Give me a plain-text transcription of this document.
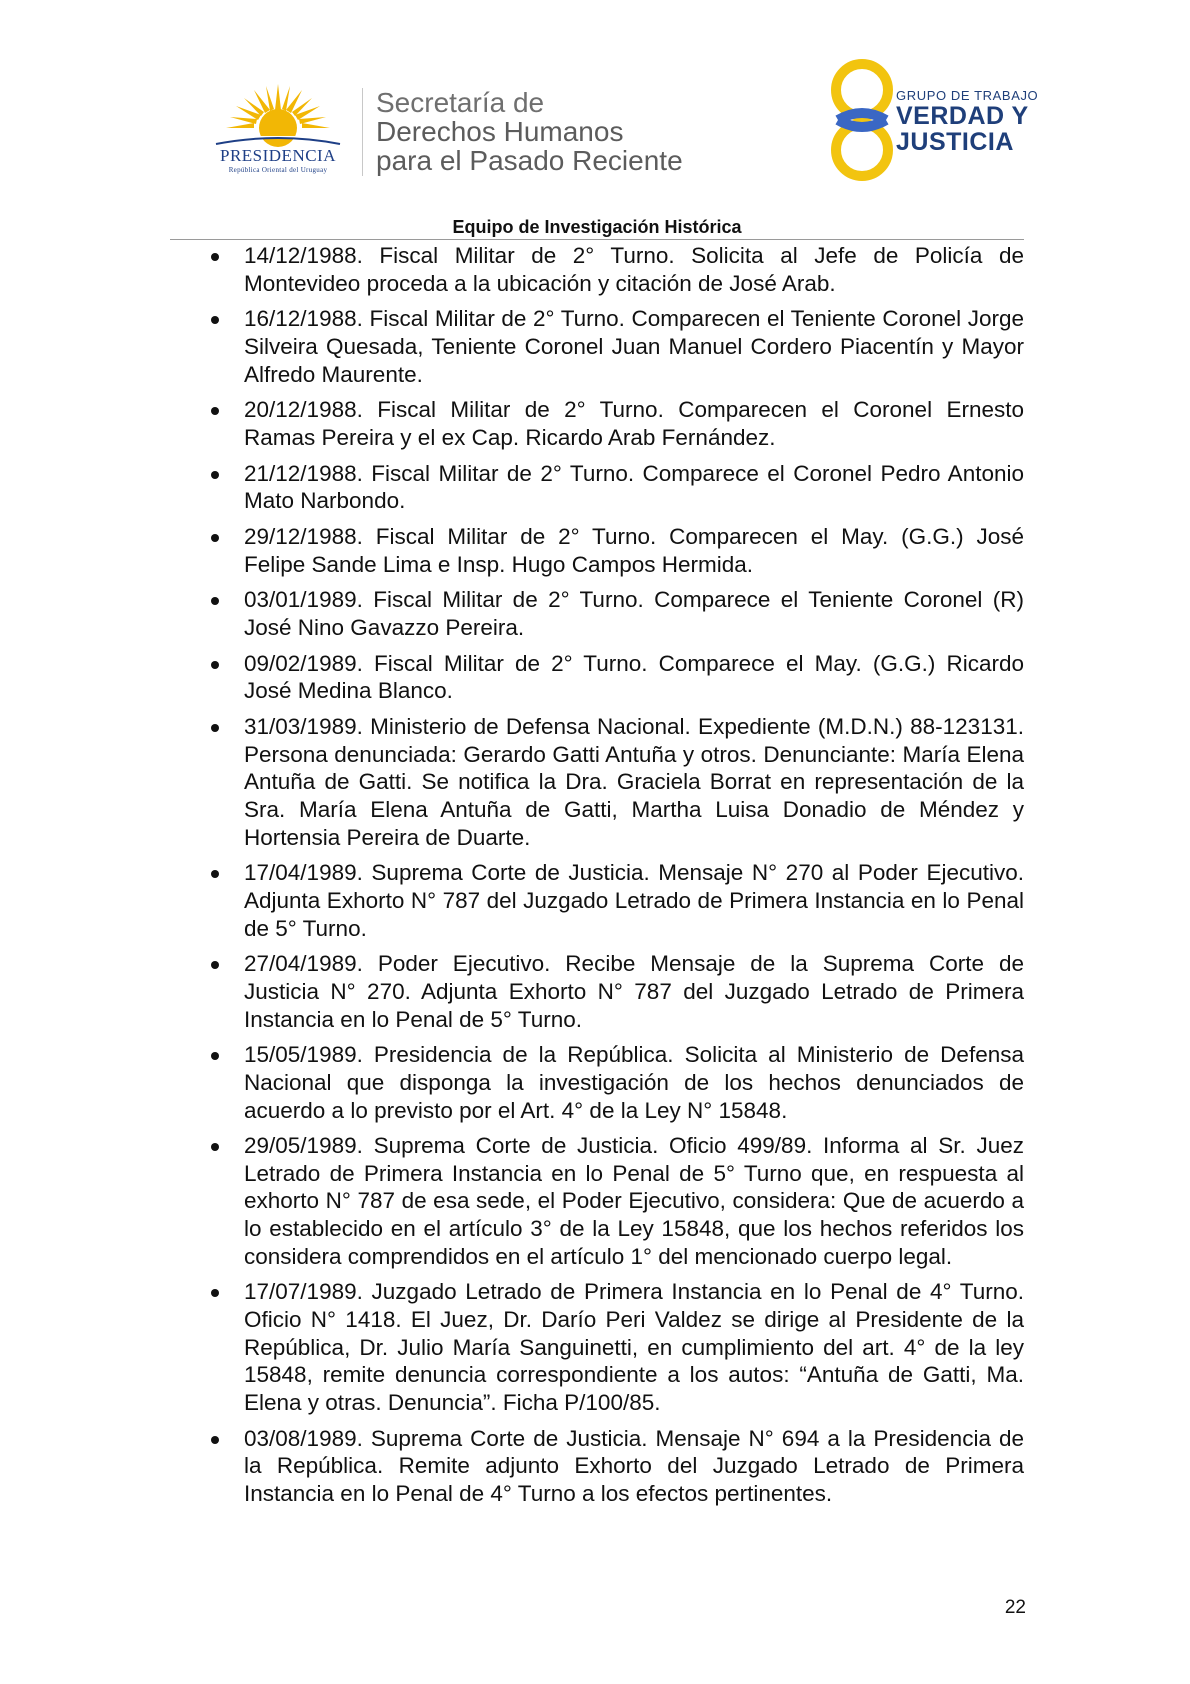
PRESIDENCIA
República Oriental del Uruguay
Secretaría de
Derechos Humanos
para el Pasado Reciente
GRUPO DE TRABAJO
VERDAD Y
JUSTICIA
Equipo de Investigación Histórica
14/12/1988. Fiscal Militar de 2° Turno. Solicita al Jefe de Policía de Montevideo proceda a la ubicación y citación de José Arab.
16/12/1988. Fiscal Militar de 2° Turno. Comparecen el Teniente Coronel Jorge Silveira Quesada, Teniente Coronel Juan Manuel Cordero Piacentín y Mayor Alfredo Maurente.
20/12/1988. Fiscal Militar de 2° Turno. Comparecen el Coronel Ernesto Ramas Pereira y el ex Cap. Ricardo Arab Fernández.
21/12/1988. Fiscal Militar de 2° Turno. Comparece el Coronel Pedro Antonio Mato Narbondo.
29/12/1988. Fiscal Militar de 2° Turno. Comparecen el May. (G.G.) José Felipe Sande Lima e Insp. Hugo Campos Hermida.
03/01/1989. Fiscal Militar de 2° Turno. Comparece el Teniente Coronel (R) José Nino Gavazzo Pereira.
09/02/1989. Fiscal Militar de 2° Turno. Comparece el May. (G.G.) Ricardo José Medina Blanco.
31/03/1989. Ministerio de Defensa Nacional. Expediente (M.D.N.) 88-123131. Persona denunciada: Gerardo Gatti Antuña y otros. Denunciante: María Elena Antuña de Gatti. Se notifica la Dra. Graciela Borrat en representación de la Sra. María Elena Antuña de Gatti, Martha Luisa Donadio de Méndez y Hortensia Pereira de Duarte.
17/04/1989. Suprema Corte de Justicia. Mensaje N° 270 al Poder Ejecutivo. Adjunta Exhorto N° 787 del Juzgado Letrado de Primera Instancia en lo Penal de 5° Turno.
27/04/1989. Poder Ejecutivo. Recibe Mensaje de la Suprema Corte de Justicia N° 270. Adjunta Exhorto N° 787 del Juzgado Letrado de Primera Instancia en lo Penal de 5° Turno.
15/05/1989. Presidencia de la República. Solicita al Ministerio de Defensa Nacional que disponga la investigación de los hechos denunciados de acuerdo a lo previsto por el Art. 4° de la Ley N° 15848.
29/05/1989. Suprema Corte de Justicia. Oficio 499/89. Informa al Sr. Juez Letrado de Primera Instancia en lo Penal de 5° Turno que, en respuesta al exhorto N° 787 de esa sede, el Poder Ejecutivo, considera: Que de acuerdo a lo establecido en el artículo 3° de la Ley 15848, que los hechos referidos los considera comprendidos en el artículo 1° del mencionado cuerpo legal.
17/07/1989. Juzgado Letrado de Primera Instancia en lo Penal de 4° Turno. Oficio N° 1418. El Juez, Dr. Darío Peri Valdez se dirige al Presidente de la República, Dr. Julio María Sanguinetti, en cumplimiento del art. 4° de la ley 15848, remite denuncia correspondiente a los autos: “Antuña de Gatti, Ma. Elena y otras. Denuncia”. Ficha P/100/85.
03/08/1989. Suprema Corte de Justicia. Mensaje N° 694 a la Presidencia de la República. Remite adjunto Exhorto del Juzgado Letrado de Primera Instancia en lo Penal de 4° Turno a los efectos pertinentes.
22
